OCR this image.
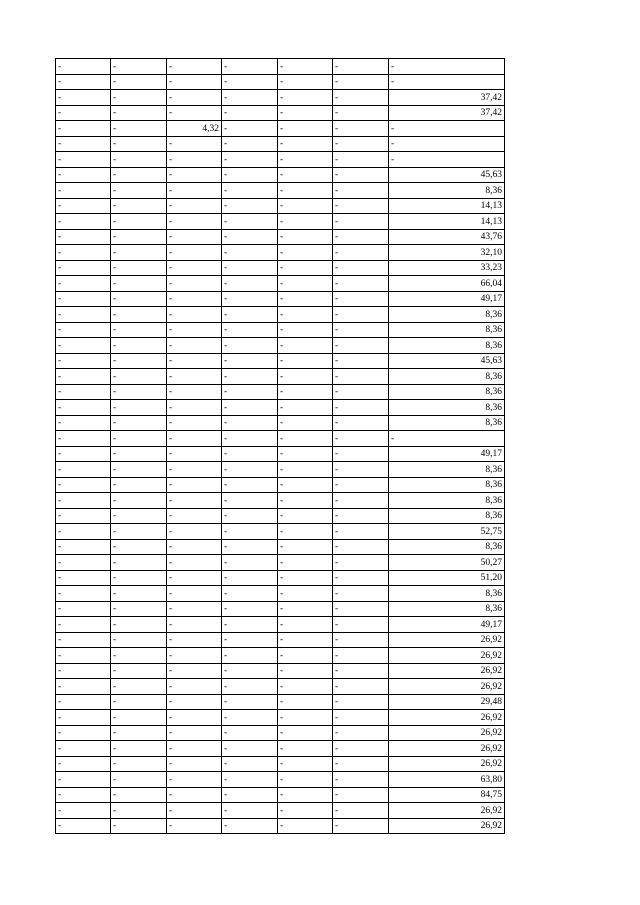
-	-	-	-	-	-	-
-	-	-	-	-	-	-
-	-	-	-	-	-	37,42
-	-	-	-	-	-	37,42
-	-	4,32	-	-	-	-
-	-	-	-	-	-	-
-	-	-	-	-	-	-
-	-	-	-	-	-	45,63
-	-	-	-	-	-	8,36
-	-	-	-	-	-	14,13
-	-	-	-	-	-	14,13
-	-	-	-	-	-	43,76
-	-	-	-	-	-	32,10
-	-	-	-	-	-	33,23
-	-	-	-	-	-	66,04
-	-	-	-	-	-	49,17
-	-	-	-	-	-	8,36
-	-	-	-	-	-	8,36
-	-	-	-	-	-	8,36
-	-	-	-	-	-	45,63
-	-	-	-	-	-	8,36
-	-	-	-	-	-	8,36
-	-	-	-	-	-	8,36
-	-	-	-	-	-	8,36
-	-	-	-	-	-	-
-	-	-	-	-	-	49,17
-	-	-	-	-	-	8,36
-	-	-	-	-	-	8,36
-	-	-	-	-	-	8,36
-	-	-	-	-	-	8,36
-	-	-	-	-	-	52,75
-	-	-	-	-	-	8,36
-	-	-	-	-	-	50,27
-	-	-	-	-	-	51,20
-	-	-	-	-	-	8,36
-	-	-	-	-	-	8,36
-	-	-	-	-	-	49,17
-	-	-	-	-	-	26,92
-	-	-	-	-	-	26,92
-	-	-	-	-	-	26,92
-	-	-	-	-	-	26,92
-	-	-	-	-	-	29,48
-	-	-	-	-	-	26,92
-	-	-	-	-	-	26,92
-	-	-	-	-	-	26,92
-	-	-	-	-	-	26,92
-	-	-	-	-	-	63,80
-	-	-	-	-	-	84,75
-	-	-	-	-	-	26,92
-	-	-	-	-	-	26,92
